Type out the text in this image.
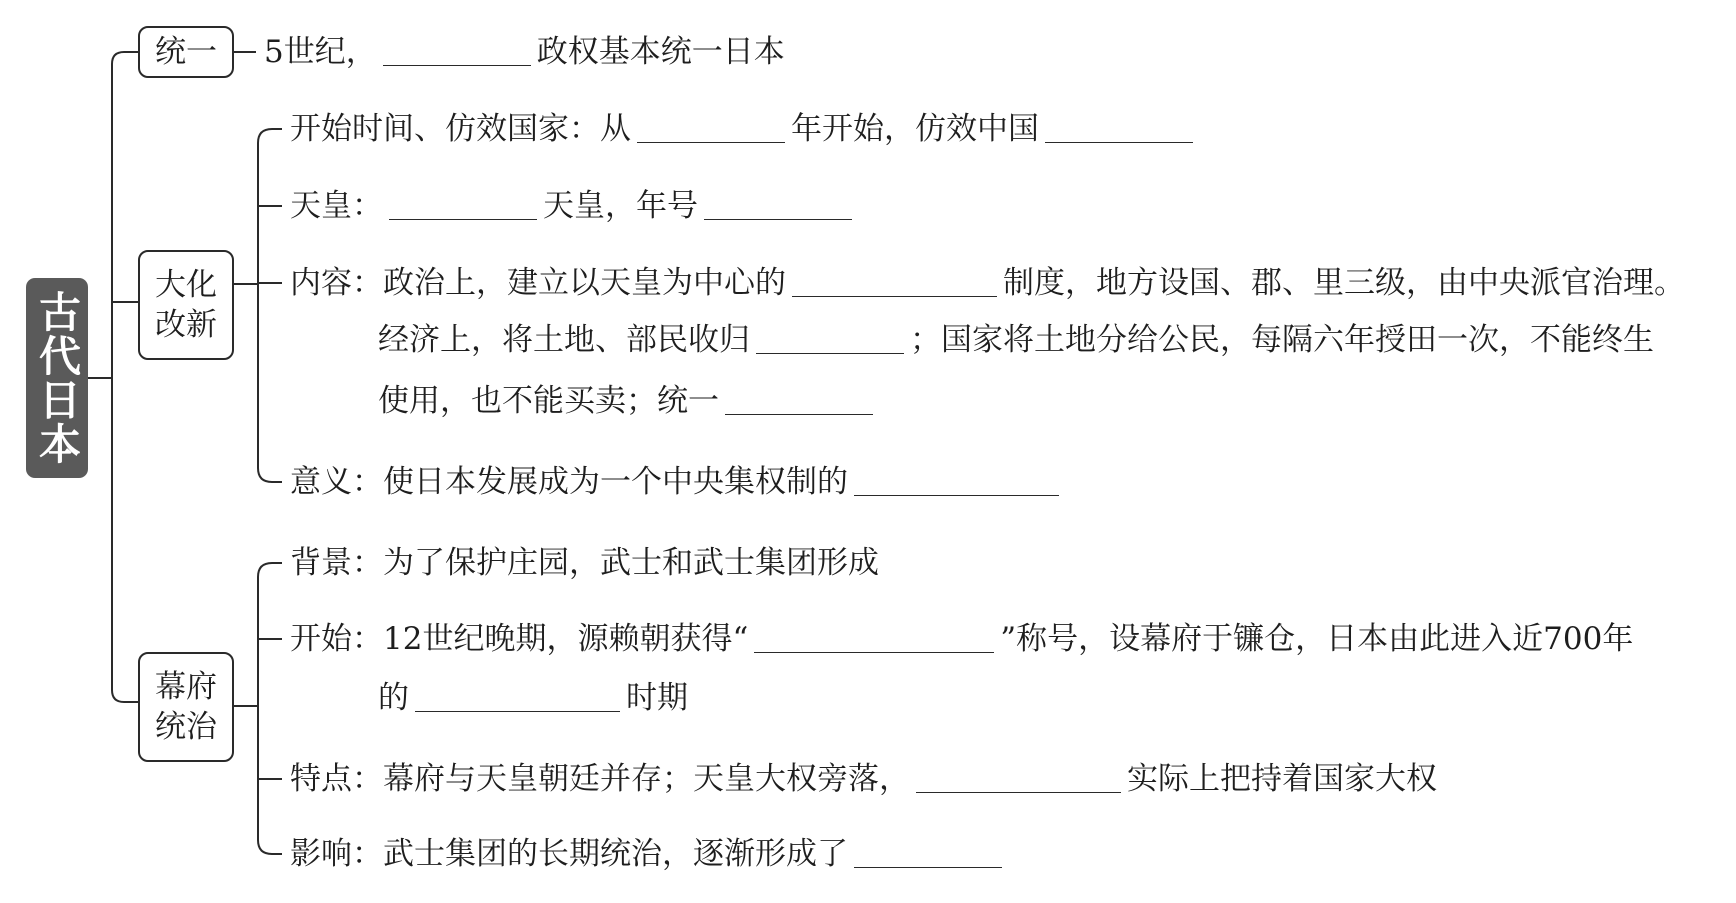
古代日本
统一
大化
改新
幕府
统治
5世纪，	政权基本统一日本
开始时间、仿效国家：从	年开始，仿效中国
天皇：	天皇，年号
内容：政治上，建立以天皇为中心的	制度，地方设国、郡、里三级，由中央派官治理。
经济上，将土地、部民收归	；国家将土地分给公民，每隔六年授田一次，不能终生
使用，也不能买卖；统一
意义：使日本发展成为一个中央集权制的
背景：为了保护庄园，武士和武士集团形成
开始：12世纪晚期，源赖朝获得“	”称号，设幕府于镰仓，日本由此进入近700年
的	时期
特点：幕府与天皇朝廷并存；天皇大权旁落，	实际上把持着国家大权
影响：武士集团的长期统治，逐渐形成了
